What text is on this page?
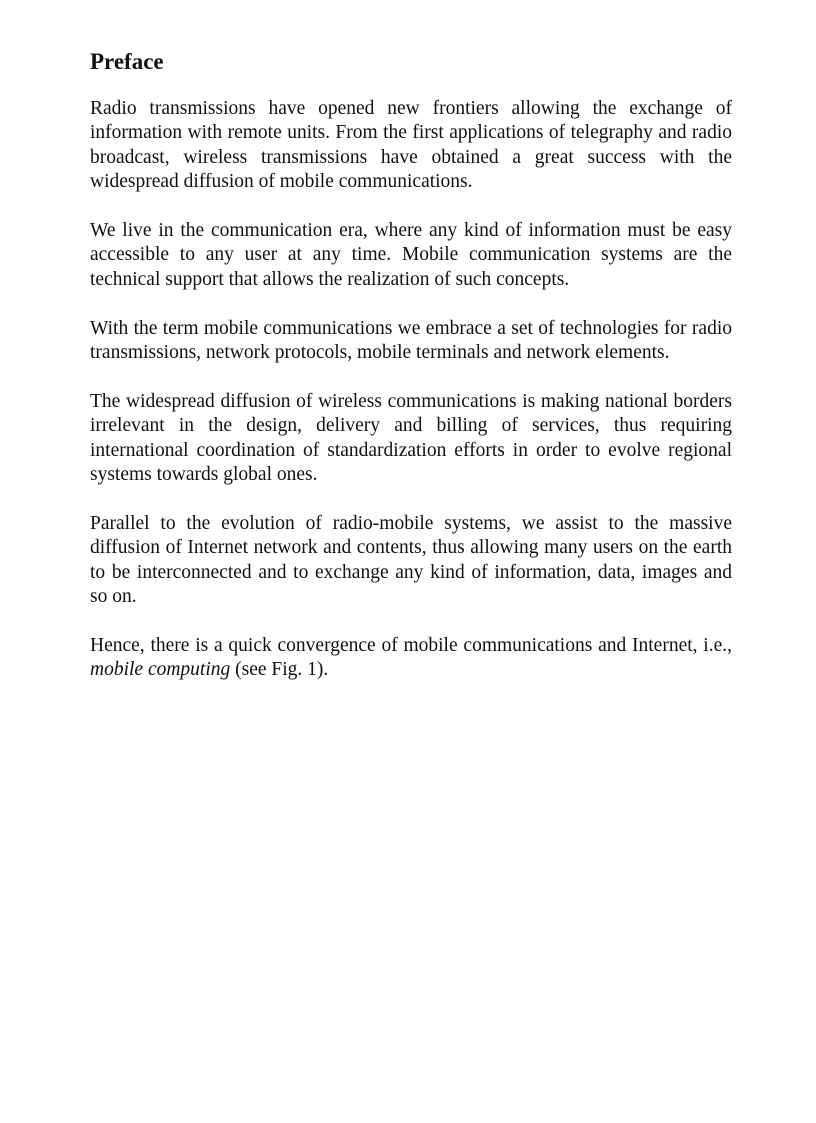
Preface

Radio transmissions have opened new frontiers allowing the exchange of information with remote units. From the first applications of telegraphy and radio broadcast, wireless transmissions have obtained a great success with the widespread diffusion of mobile communications.

We live in the communication era, where any kind of information must be easy accessible to any user at any time. Mobile communication systems are the technical support that allows the realization of such concepts.

With the term mobile communications we embrace a set of technologies for radio transmissions, network protocols, mobile terminals and network elements.

The widespread diffusion of wireless communications is making national borders irrelevant in the design, delivery and billing of services, thus requiring international coordination of standardization efforts in order to evolve regional systems towards global ones.

Parallel to the evolution of radio-mobile systems, we assist to the massive diffusion of Internet network and contents, thus allowing many users on the earth to be interconnected and to exchange any kind of information, data, images and so on.

Hence, there is a quick convergence of mobile communications and Internet, i.e., mobile computing (see Fig. 1).
